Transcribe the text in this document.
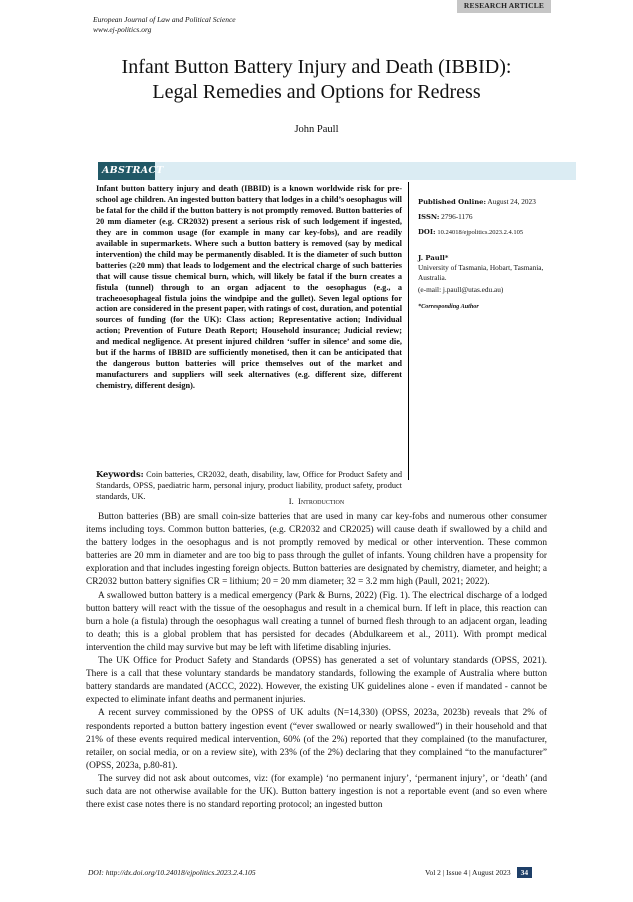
RESEARCH ARTICLE
European Journal of Law and Political Science
www.ej-politics.org
Infant Button Battery Injury and Death (IBBID):
Legal Remedies and Options for Redress
John Paull
ABSTRACT
Infant button battery injury and death (IBBID) is a known worldwide risk for pre-school age children. An ingested button battery that lodges in a child’s oesophagus will be fatal for the child if the button battery is not promptly removed. Button batteries of 20 mm diameter (e.g. CR2032) present a serious risk of such lodgement if ingested, they are in common usage (for example in many car key-fobs), and are readily available in supermarkets. Where such a button battery is removed (say by medical intervention) the child may be permanently disabled. It is the diameter of such button batteries (≥20 mm) that leads to lodgement and the electrical charge of such batteries that will cause tissue chemical burn, which, will likely be fatal if the burn creates a fistula (tunnel) through to an organ adjacent to the oesophagus (e.g., a tracheoesophageal fistula joins the windpipe and the gullet). Seven legal options for action are considered in the present paper, with ratings of cost, duration, and potential sources of funding (for the UK): Class action; Representative action; Individual action; Prevention of Future Death Report; Household insurance; Judicial review; and medical negligence. At present injured children ‘suffer in silence’ and some die, but if the harms of IBBID are sufficiently monetised, then it can be anticipated that the dangerous button batteries will price themselves out of the market and manufacturers and suppliers will seek alternatives (e.g. different size, different chemistry, different design).
Keywords: Coin batteries, CR2032, death, disability, law, Office for Product Safety and Standards, OPSS, paediatric harm, personal injury, product liability, product safety, product standards, UK.
Published Online: August 24, 2023
ISSN: 2796-1176
DOI: 10.24018/ejpolitics.2023.2.4.105
J. Paull*
University of Tasmania, Hobart, Tasmania, Australia.
(e-mail: j.paull@utas.edu.au)
*Corresponding Author
I. Introduction

Button batteries (BB) are small coin-size batteries that are used in many car key-fobs and numerous other consumer items including toys. Common button batteries, (e.g. CR2032 and CR2025) will cause death if swallowed by a child and the battery lodges in the oesophagus and is not promptly removed by medical or other intervention. These common batteries are 20 mm in diameter and are too big to pass through the gullet of infants. Young children have a propensity for exploration and that includes ingesting foreign objects. Button batteries are designated by chemistry, diameter, and height; a CR2032 button battery signifies CR = lithium; 20 = 20 mm diameter; 32 = 3.2 mm high (Paull, 2021; 2022).

A swallowed button battery is a medical emergency (Park & Burns, 2022) (Fig. 1). The electrical discharge of a lodged button battery will react with the tissue of the oesophagus and result in a chemical burn. If left in place, this reaction can burn a hole (a fistula) through the oesophagus wall creating a tunnel of burned flesh through to an adjacent organ, leading to death; this is a global problem that has persisted for decades (Abdulkareem et al., 2011). With prompt medical intervention the child may survive but may be left with lifetime disabling injuries.

The UK Office for Product Safety and Standards (OPSS) has generated a set of voluntary standards (OPSS, 2021). There is a call that these voluntary standards be mandatory standards, following the example of Australia where button battery standards are mandated (ACCC, 2022). However, the existing UK guidelines alone - even if mandated - cannot be expected to eliminate infant deaths and permanent injuries.

A recent survey commissioned by the OPSS of UK adults (N=14,330) (OPSS, 2023a, 2023b) reveals that 2% of respondents reported a button battery ingestion event (“ever swallowed or nearly swallowed”) in their household and that 21% of these events required medical intervention, 60% (of the 2%) reported that they complained (to the manufacturer, retailer, on social media, or on a review site), with 23% (of the 2%) declaring that they complained “to the manufacturer” (OPSS, 2023a, p.80-81).

The survey did not ask about outcomes, viz: (for example) ‘no permanent injury’, ‘permanent injury’, or ‘death’ (and such data are not otherwise available for the UK). Button battery ingestion is not a reportable event (and so even where there exist case notes there is no standard reporting protocol; an ingested button

DOI: http://dx.doi.org/10.24018/ejpolitics.2023.2.4.105	Vol 2 | Issue 4 | August 2023 34
